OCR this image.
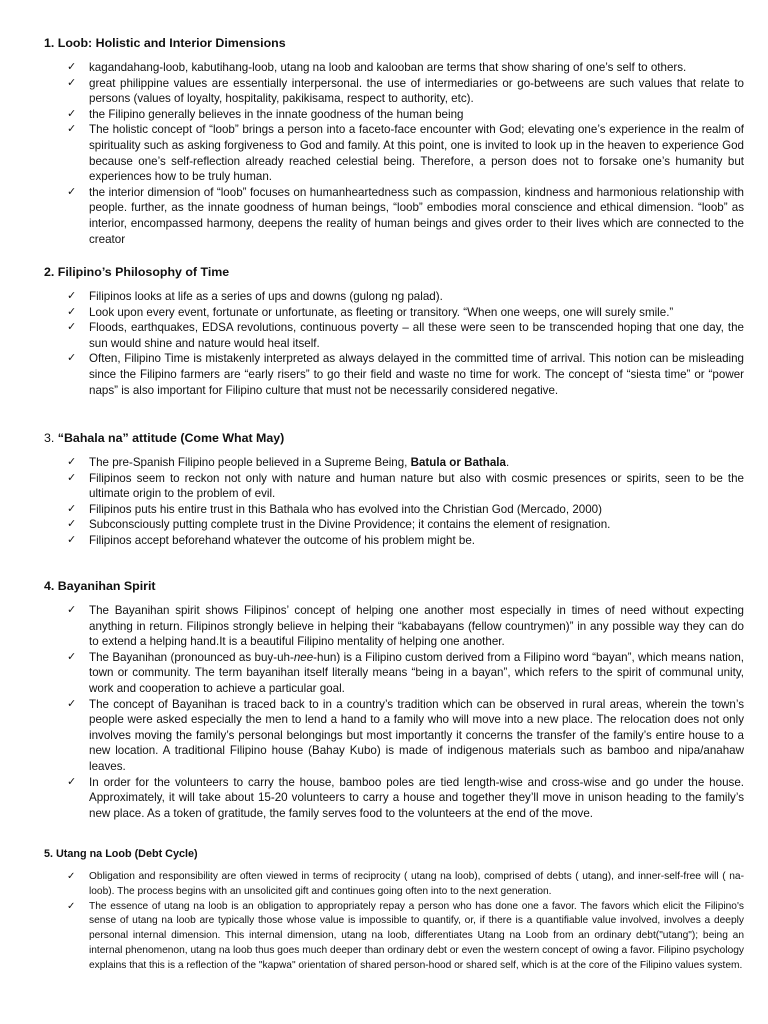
1. Loob: Holistic and Interior Dimensions
✓ kagandahang-loob, kabutihang-loob, utang na loob and kalooban are terms that show sharing of one’s self to others.
✓ great philippine values are essentially interpersonal. the use of intermediaries or go-betweens are such values that relate to persons (values of loyalty, hospitality, pakikisama, respect to authority, etc).
✓ the Filipino generally believes in the innate goodness of the human being
✓ The holistic concept of “loob” brings a person into a faceto-face encounter with God; elevating one’s experience in the realm of spirituality such as asking forgiveness to God and family. At this point, one is invited to look up in the heaven to experience God because one’s self-reflection already reached celestial being. Therefore, a person does not to forsake one’s humanity but experiences how to be truly human.
✓ the interior dimension of “loob” focuses on humanheartedness such as compassion, kindness and harmonious relationship with people. further, as the innate goodness of human beings, “loob” embodies moral conscience and ethical dimension. “loob” as interior, encompassed harmony, deepens the reality of human beings and gives order to their lives which are connected to the creator
2. Filipino’s Philosophy of Time
✓ Filipinos looks at life as a series of ups and downs (gulong ng palad).
✓ Look upon every event, fortunate or unfortunate, as fleeting or transitory. “When one weeps, one will surely smile.”
✓ Floods, earthquakes, EDSA revolutions, continuous poverty – all these were seen to be transcended hoping that one day, the sun would shine and nature would heal itself.
✓ Often, Filipino Time is mistakenly interpreted as always delayed in the committed time of arrival. This notion can be misleading since the Filipino farmers are “early risers” to go their field and waste no time for work. The concept of “siesta time” or “power naps” is also important for Filipino culture that must not be necessarily considered negative.
3. “Bahala na” attitude (Come What May)
✓ The pre-Spanish Filipino people believed in a Supreme Being, Batula or Bathala.
✓ Filipinos seem to reckon not only with nature and human nature but also with cosmic presences or spirits, seen to be the ultimate origin to the problem of evil.
✓ Filipinos puts his entire trust in this Bathala who has evolved into the Christian God (Mercado, 2000)
✓ Subconsciously putting complete trust in the Divine Providence; it contains the element of resignation.
✓ Filipinos accept beforehand whatever the outcome of his problem might be.
4. Bayanihan Spirit
✓ The Bayanihan spirit shows Filipinos’ concept of helping one another most especially in times of need without expecting anything in return. Filipinos strongly believe in helping their “kababayans (fellow countrymen)” in any possible way they can do to extend a helping hand.It is a beautiful Filipino mentality of helping one another.
✓ The Bayanihan (pronounced as buy-uh-nee-hun) is a Filipino custom derived from a Filipino word “bayan”, which means nation, town or community. The term bayanihan itself literally means “being in a bayan”, which refers to the spirit of communal unity, work and cooperation to achieve a particular goal.
✓ The concept of Bayanihan is traced back to in a country’s tradition which can be observed in rural areas, wherein the town’s people were asked especially the men to lend a hand to a family who will move into a new place. The relocation does not only involves moving the family’s personal belongings but most importantly it concerns the transfer of the family’s entire house to a new location. A traditional Filipino house (Bahay Kubo) is made of indigenous materials such as bamboo and nipa/anahaw leaves.
✓ In order for the volunteers to carry the house, bamboo poles are tied length-wise and cross-wise and go under the house. Approximately, it will take about 15-20 volunteers to carry a house and together they’ll move in unison heading to the family’s new place. As a token of gratitude, the family serves food to the volunteers at the end of the move.
5. Utang na Loob (Debt Cycle)
✓ Obligation and responsibility are often viewed in terms of reciprocity ( utang na loob), comprised of debts ( utang), and inner-self-free will ( na-loob). The process begins with an unsolicited gift and continues going often into to the next generation.
✓ The essence of utang na loob is an obligation to appropriately repay a person who has done one a favor. The favors which elicit the Filipino's sense of utang na loob are typically those whose value is impossible to quantify, or, if there is a quantifiable value involved, involves a deeply personal internal dimension. This internal dimension, utang na loob, differentiates Utang na Loob from an ordinary debt("utang"); being an internal phenomenon, utang na loob thus goes much deeper than ordinary debt or even the western concept of owing a favor. Filipino psychology explains that this is a reflection of the "kapwa" orientation of shared person-hood or shared self, which is at the core of the Filipino values system.
